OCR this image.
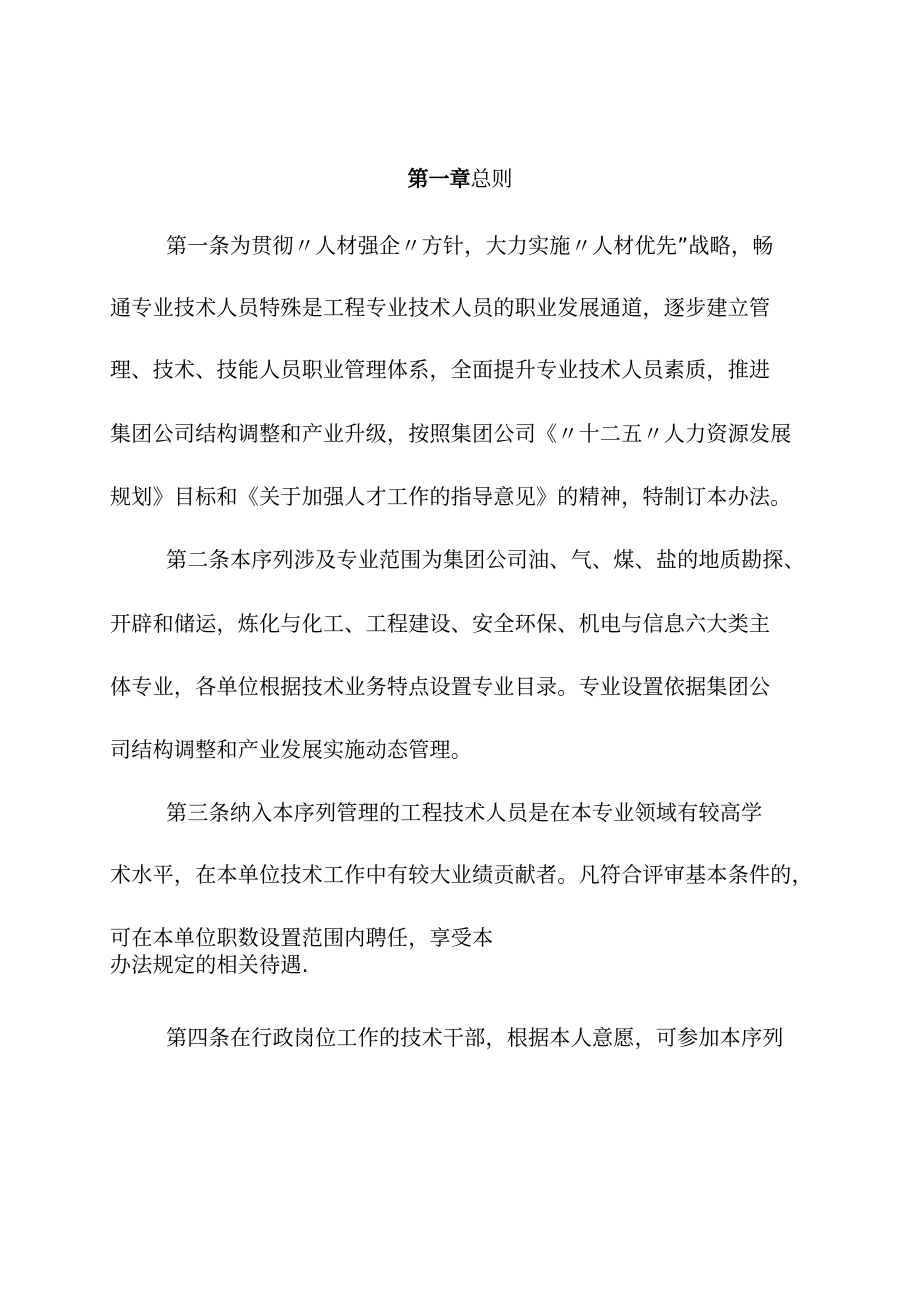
第一章总则
第一条为贯彻〃人材强企〃方针，大力实施〃人材优先”战略，畅
通专业技术人员特殊是工程专业技术人员的职业发展通道，逐步建立管
理、技术、技能人员职业管理体系，全面提升专业技术人员素质，推进
集团公司结构调整和产业升级，按照集团公司《〃十二五〃人力资源发展
规划》目标和《关于加强人才工作的指导意见》的精神，特制订本办法。
第二条本序列涉及专业范围为集团公司油、气、煤、盐的地质勘探、
开辟和储运，炼化与化工、工程建设、安全环保、机电与信息六大类主
体专业，各单位根据技术业务特点设置专业目录。专业设置依据集团公
司结构调整和产业发展实施动态管理。
第三条纳入本序列管理的工程技术人员是在本专业领域有较高学
术水平，在本单位技术工作中有较大业绩贡献者。凡符合评审基本条件的，
可在本单位职数设置范围内聘任，享受本
办法规定的相关待遇.
第四条在行政岗位工作的技术干部，根据本人意愿，可参加本序列
